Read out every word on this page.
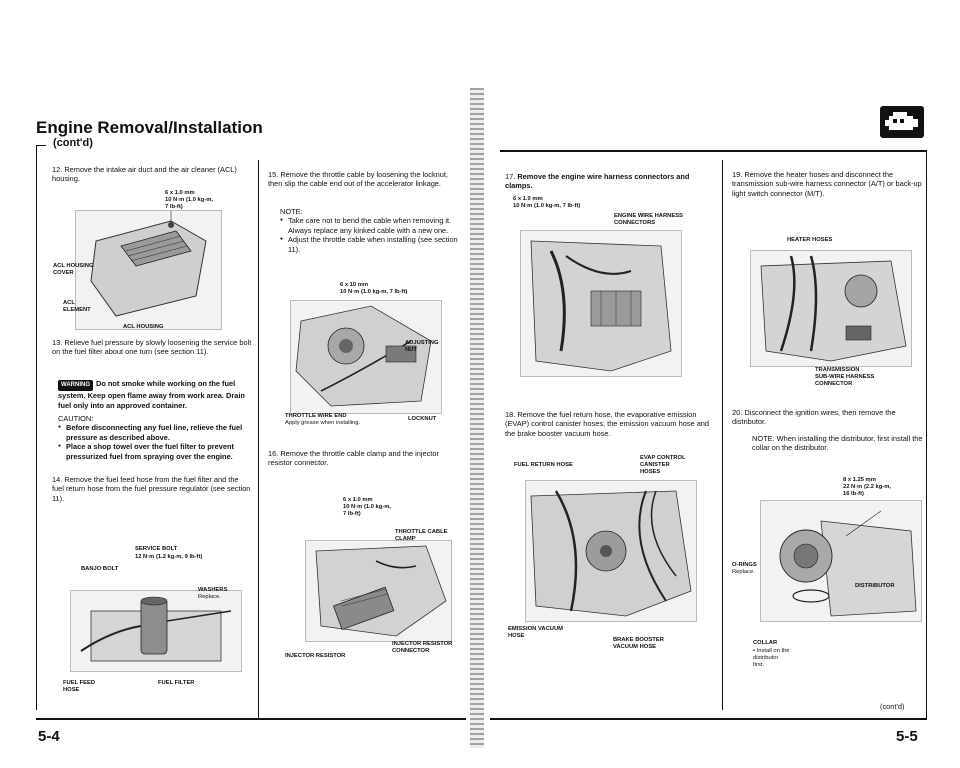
Engine Removal/Installation
(cont'd)
12. Remove the intake air duct and the air cleaner (ACL) housing.
6 x 1.0 mm
10 N·m (1.0 kg-m,
7 lb-ft)
ACL HOUSING
COVER
ACL
ELEMENT
ACL HOUSING
13. Relieve fuel pressure by slowly loosening the service bolt on the fuel filter about one turn (see section 11).
WARNING Do not smoke while working on the fuel system. Keep open flame away from work area. Drain fuel only into an approved container.
CAUTION:
● Before disconnecting any fuel line, relieve the fuel pressure as described above.
● Place a shop towel over the fuel filter to prevent pressurized fuel from spraying over the engine.
14. Remove the fuel feed hose from the fuel filter and the fuel return hose from the fuel pressure regulator (see section 11).
SERVICE BOLT
12 N·m (1.2 kg-m, 9 lb-ft)
BANJO BOLT
WASHERS
Replace.
FUEL FEED
HOSE
FUEL FILTER
15. Remove the throttle cable by loosening the locknut, then slip the cable end out of the accelerator linkage.
NOTE:
● Take care not to bend the cable when removing it. Always replace any kinked cable with a new one.
● Adjust the throttle cable when installing (see section 11).
6 x 10 mm
10 N·m (1.0 kg-m, 7 lb-ft)
ADJUSTING
NUT
THROTTLE WIRE END
Apply grease when installing.
LOCKNUT
16. Remove the throttle cable clamp and the injector resistor connector.
6 x 1.0 mm
10 N·m (1.0 kg-m,
7 lb-ft)
THROTTLE CABLE
CLAMP
INJECTOR RESISTOR
INJECTOR RESISTOR
CONNECTOR
5-4
17. Remove the engine wire harness connectors and clamps.
6 x 1.0 mm
10 N·m (1.0 kg-m, 7 lb-ft)
ENGINE WIRE HARNESS
CONNECTORS
18. Remove the fuel return hose, the evaporative emission (EVAP) control canister hoses, the emission vacuum hose and the brake booster vacuum hose.
FUEL RETURN HOSE
EVAP CONTROL
CANISTER
HOSES
EMISSION VACUUM
HOSE
BRAKE BOOSTER
VACUUM HOSE
19. Remove the heater hoses and disconnect the transmission sub-wire harness connector (A/T) or back-up light switch connector (M/T).
HEATER HOSES
TRANSMISSION
SUB-WIRE HARNESS
CONNECTOR
20. Disconnect the ignition wires, then remove the distributor.
NOTE: When installing the distributor, first install the collar on the distributor.
8 x 1.25 mm
22 N·m (2.2 kg-m,
16 lb-ft)
O-RINGS
Replace.
DISTRIBUTOR
COLLAR
• Install on the
distributor
first.
(cont'd)
5-5
